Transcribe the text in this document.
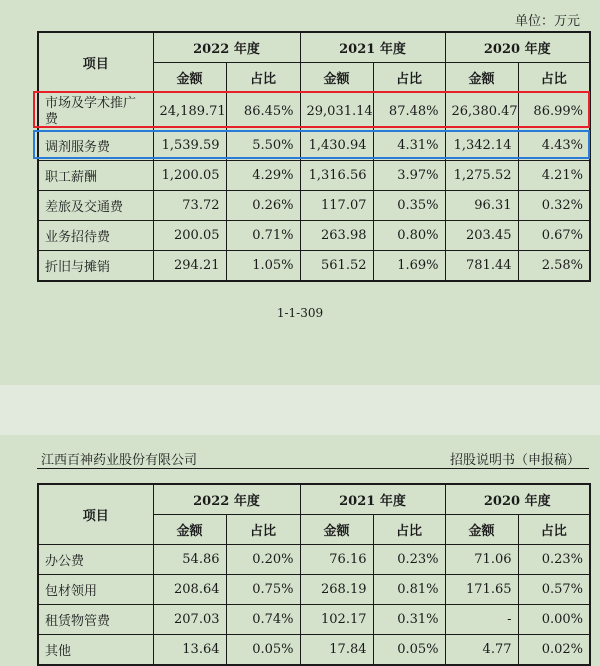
单位：万元
项目	2022 年度		2021 年度		2020 年度	
	金额	占比	金额	占比	金额	占比
市场及学术推广费	24,189.71	86.45%	29,031.14	87.48%	26,380.47	86.99%
调剂服务费	1,539.59	5.50%	1,430.94	4.31%	1,342.14	4.43%
职工薪酬	1,200.05	4.29%	1,316.56	3.97%	1,275.52	4.21%
差旅及交通费	73.72	0.26%	117.07	0.35%	96.31	0.32%
业务招待费	200.05	0.71%	263.98	0.80%	203.45	0.67%
折旧与摊销	294.21	1.05%	561.52	1.69%	781.44	2.58%
1-1-309
江西百神药业股份有限公司	招股说明书（申报稿）
项目	2022 年度		2021 年度		2020 年度	
	金额	占比	金额	占比	金额	占比
办公费	54.86	0.20%	76.16	0.23%	71.06	0.23%
包材领用	208.64	0.75%	268.19	0.81%	171.65	0.57%
租赁物管费	207.03	0.74%	102.17	0.31%	-	0.00%
其他	13.64	0.05%	17.84	0.05%	4.77	0.02%
